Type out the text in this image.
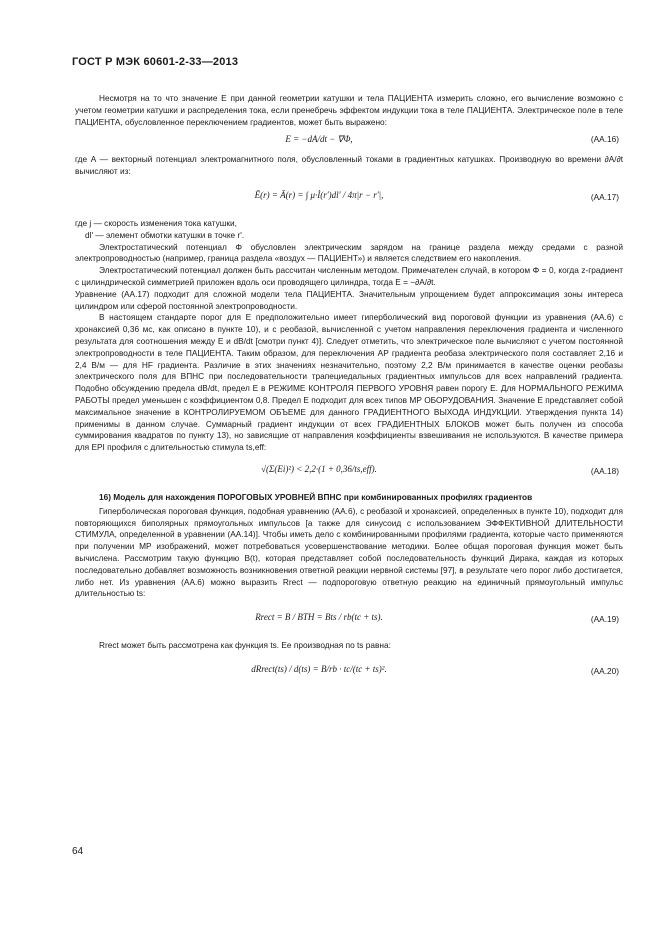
ГОСТ Р МЭК 60601-2-33—2013

Несмотря на то что значение E при данной геометрии катушки и тела ПАЦИЕНТА измерить сложно, его вычисление возможно с учетом геометрии катушки и распределения тока, если пренебречь эффектом индукции тока в теле ПАЦИЕНТА. Электрическое поле в теле ПАЦИЕНТА, обусловленное переключением градиентов, может быть выражено:

E = −dA/dt − ∇Φ,	(AA.16)

где A — векторный потенциал электромагнитного поля, обусловленный токами в градиентных катушках. Производную во времени ∂A/∂t вычисляют из:

Ē(r) = Ā(r) = ∫ μ·İ(r′)dl′ / 4π|r − r′|,	(AA.17)

где j — скорость изменения тока катушки,

dl' — элемент обмотки катушки в точке r'.

Электростатический потенциал Φ обусловлен электрическим зарядом на границе раздела между средами с разной электропроводностью (например, граница раздела «воздух — ПАЦИЕНТ») и является следствием его накопления.

Электростатический потенциал должен быть рассчитан численным методом. Примечателен случай, в котором Φ = 0, когда z-градиент с цилиндрической симметрией приложен вдоль оси проводящего цилиндра, тогда E = −∂A/∂t.

Уравнение (AA.17) подходит для сложной модели тела ПАЦИЕНТА. Значительным упрощением будет аппроксимация зоны интереса цилиндром или сферой постоянной электропроводности.

В настоящем стандарте порог для E предположительно имеет гиперболический вид пороговой функции из уравнения (AA.6) с хронаксией 0,36 мс, как описано в пункте 10), и с реобазой, вычисленной с учетом направления переключения градиента и численного результата для соотношения между E и dB/dt [смотри пункт 4)]. Следует отметить, что электрическое поле вычисляют с учетом постоянной электропроводности в теле ПАЦИЕНТА. Таким образом, для переключения AP градиента реобаза электрического поля составляет 2,16 и 2,4 В/м — для HF градиента. Различие в этих значениях незначительно, поэтому 2,2 В/м принимается в качестве оценки реобазы электрического поля для ВПНС при последовательности трапециедальных градиентных импульсов для всех направлений градиента. Подобно обсуждению предела dB/dt, предел E в РЕЖИМЕ КОНТРОЛЯ ПЕРВОГО УРОВНЯ равен порогу E. Для НОРМАЛЬНОГО РЕЖИМА РАБОТЫ предел уменьшен с коэффициентом 0,8. Предел E подходит для всех типов МР ОБОРУДОВАНИЯ. Значение E представляет собой максимальное значение в КОНТРОЛИРУЕМОМ ОБЪЕМЕ для данного ГРАДИЕНТНОГО ВЫХОДА ИНДУКЦИИ. Утверждения пункта 14) применимы в данном случае. Суммарный градиент индукции от всех ГРАДИЕНТНЫХ БЛОКОВ может быть получен из способа суммирования квадратов по пункту 13), но зависящие от направления коэффициенты взвешивания не используются. В качестве примера для EPI профиля с длительностью стимула ts,eff:

√(Σ(Ei)²) < 2,2·(1 + 0,36/ts,eff).	(AA.18)

16) Модель для нахождения ПОРОГОВЫХ УРОВНЕЙ ВПНС при комбинированных профилях градиентов

Гиперболическая пороговая функция, подобная уравнению (AA.6), с реобазой и хронаксией, определенных в пункте 10), подходит для повторяющихся биполярных прямоугольных импульсов [а также для синусоид с использованием ЭФФЕКТИВНОЙ ДЛИТЕЛЬНОСТИ СТИМУЛА, определенной в уравнении (AA.14)]. Чтобы иметь дело с комбинированными профилями градиента, которые часто применяются при получении МР изображений, может потребоваться усовершенствование методики. Более общая пороговая функция может быть вычислена. Рассмотрим такую функцию B(t), которая представляет собой последовательность функций Дирака, каждая из которых последовательно добавляет возможность возникновения ответной реакции нервной системы [97], в результате чего порог либо достигается, либо нет. Из уравнения (AA.6) можно выразить Rrect — подпороговую ответную реакцию на единичный прямоугольный импульс длительностью ts:

Rrect = B / BTH = Bts / rb(tc + ts).	(AA.19)

Rrect может быть рассмотрена как функция ts. Ее производная по ts равна:

dRrect(ts) / d(ts) = B/rb · tc/(tc + ts)².	(AA.20)
64
